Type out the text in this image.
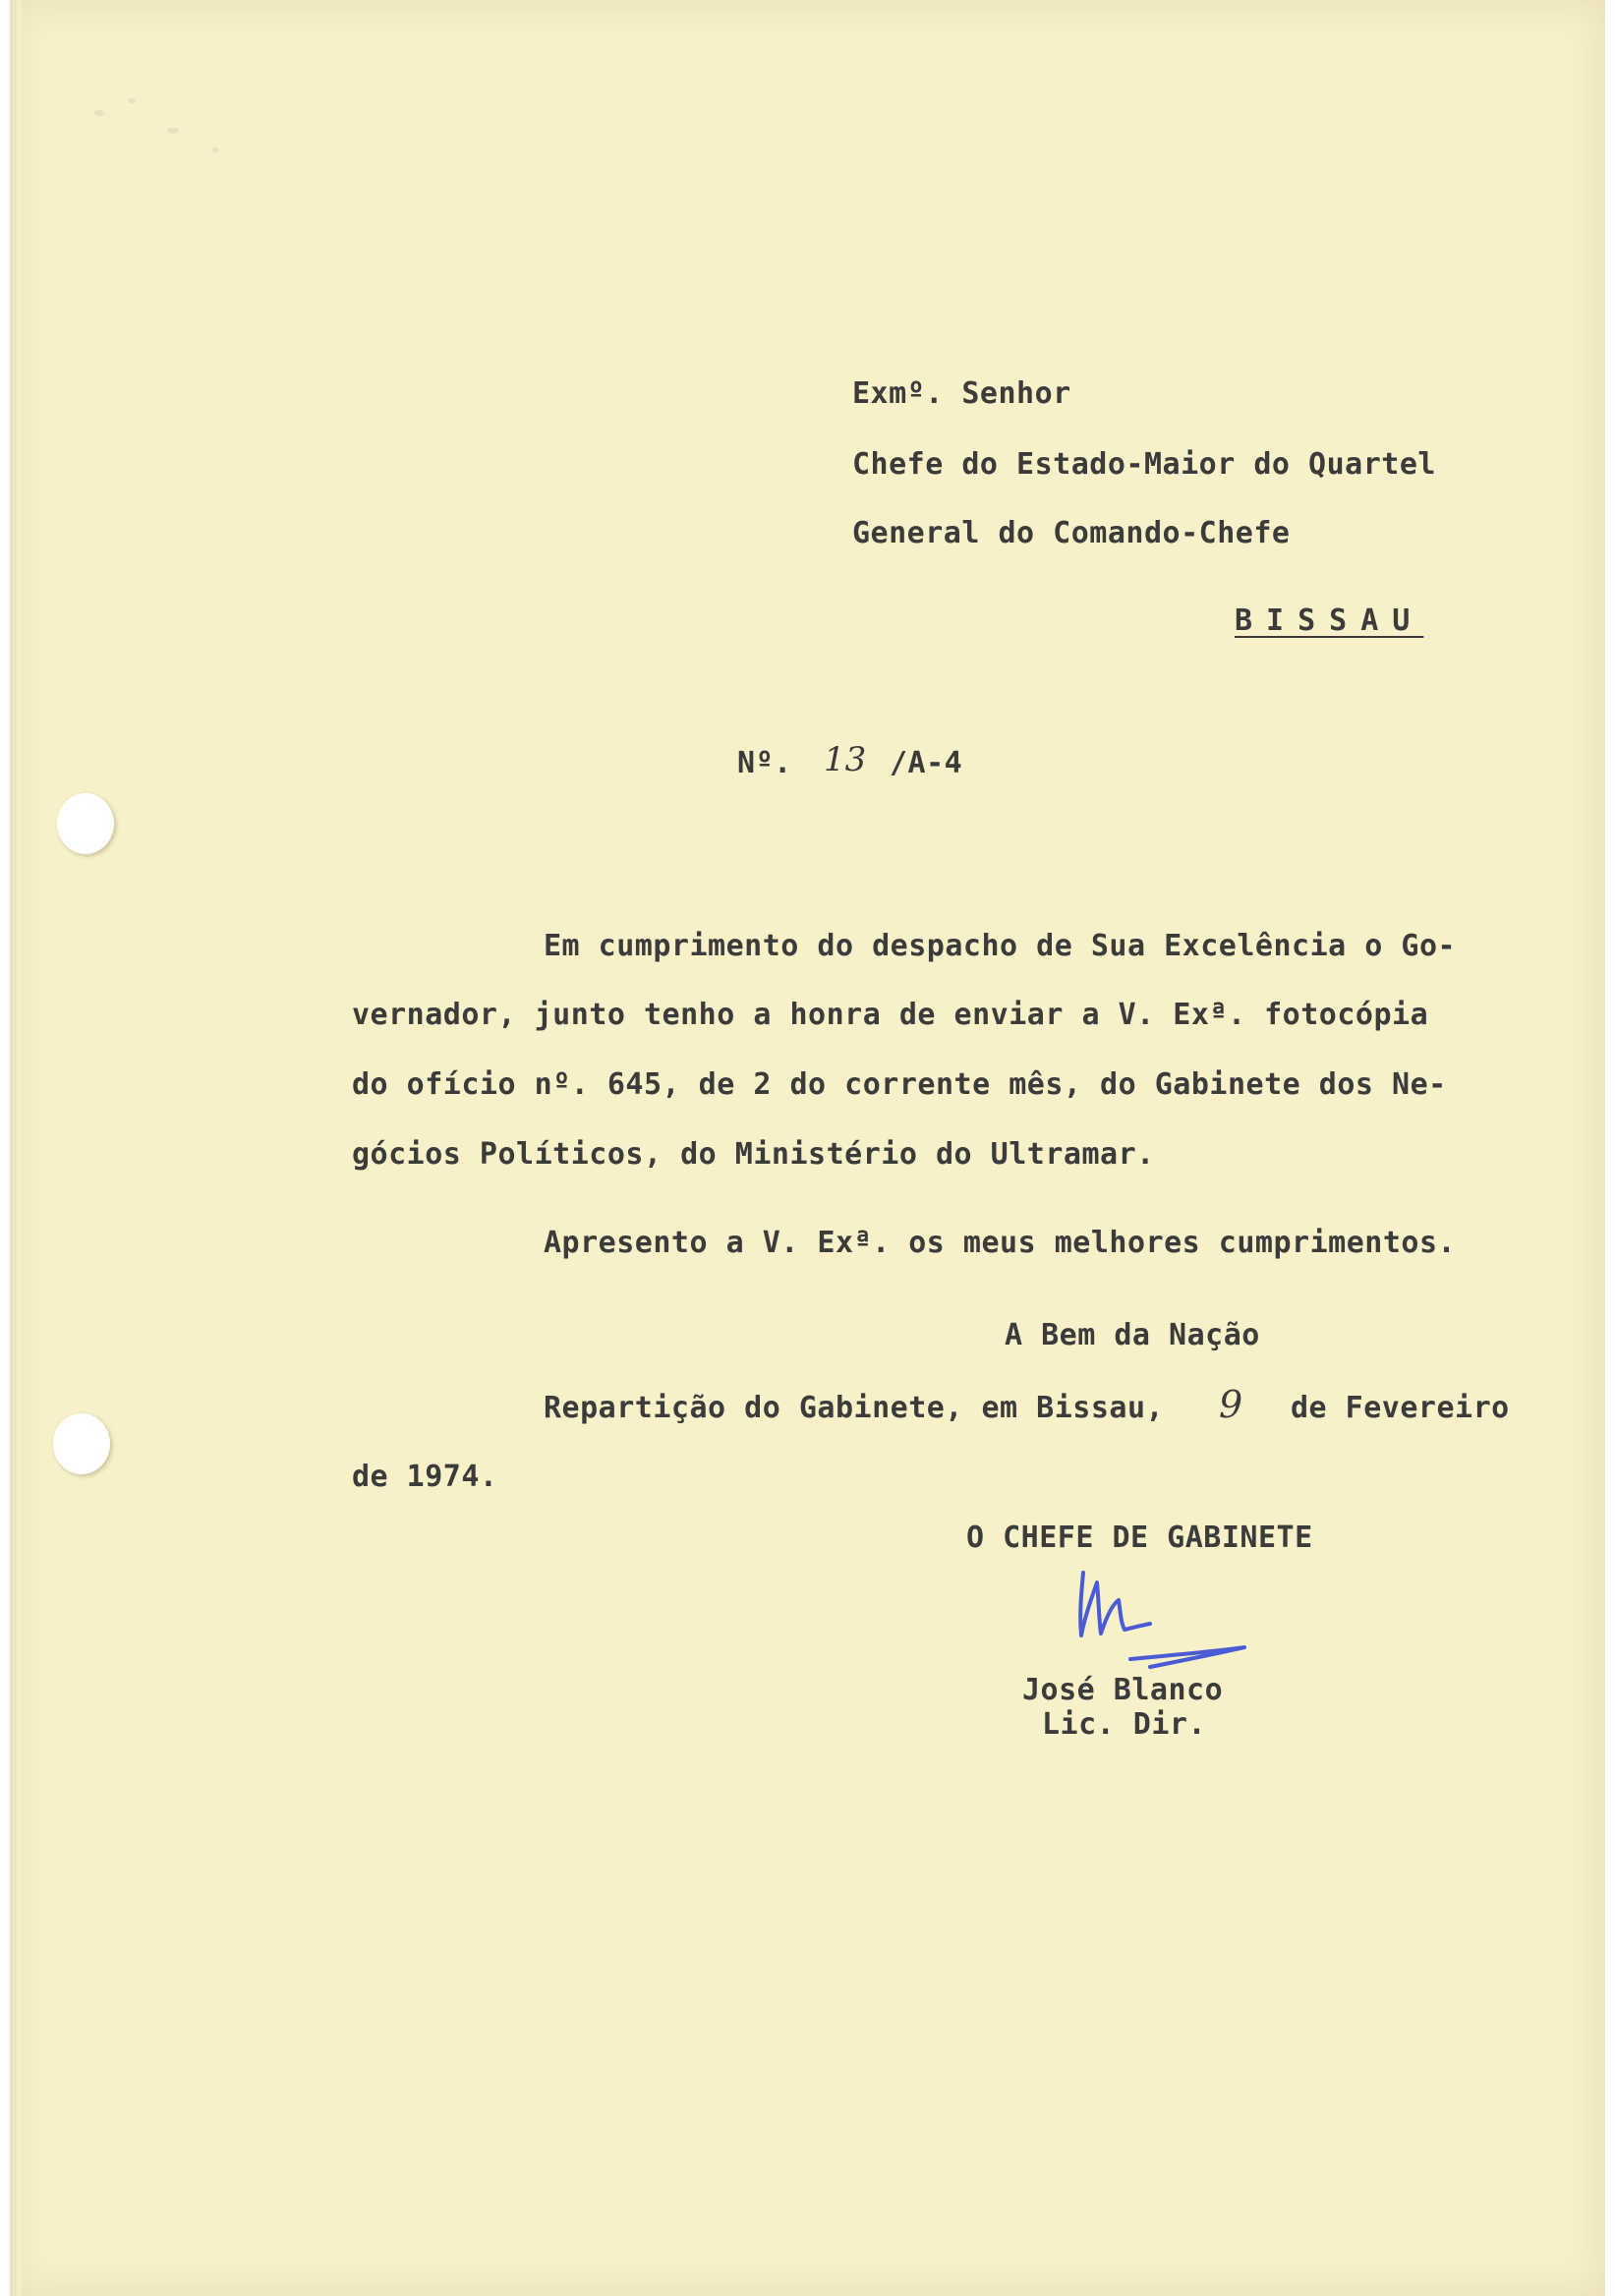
Exmº. Senhor
Chefe do Estado-Maior do Quartel
General do Comando-Chefe
BISSAU
Nº. 13 /A-4
Em cumprimento do despacho de Sua Excelência o Go-
vernador, junto tenho a honra de enviar a V. Exª. fotocópia
do ofício nº. 645, de 2 do corrente mês, do Gabinete dos Ne-
gócios Políticos, do Ministério do Ultramar.
Apresento a V. Exª. os meus melhores cumprimentos.
A Bem da Nação
Repartição do Gabinete, em Bissau, 9 de Fevereiro
de 1974.
O CHEFE DE GABINETE
José Blanco
Lic. Dir.
